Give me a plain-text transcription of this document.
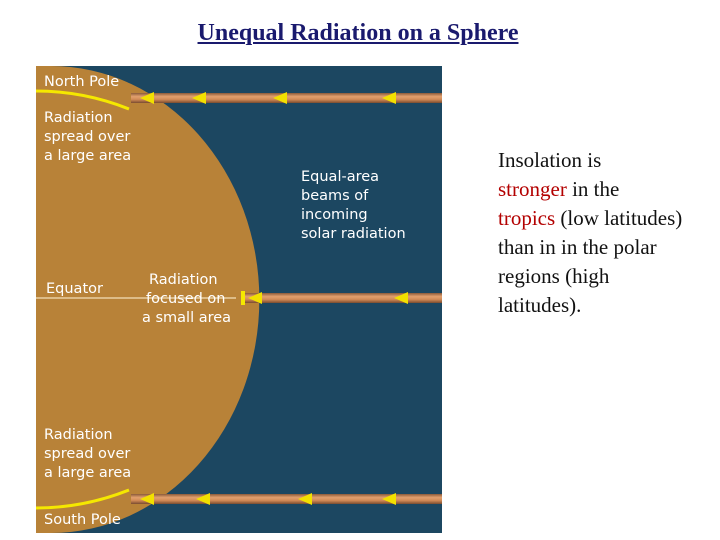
Unequal Radiation on a Sphere
North Pole
Equator
South Pole
Radiation spread over a large area
Radiation spread over a large area
Radiation focused on a small area
Equal-area beams of incoming solar radiation
Insolation is
stronger in the
tropics (low latitudes) than in in the polar regions (high latitudes).
